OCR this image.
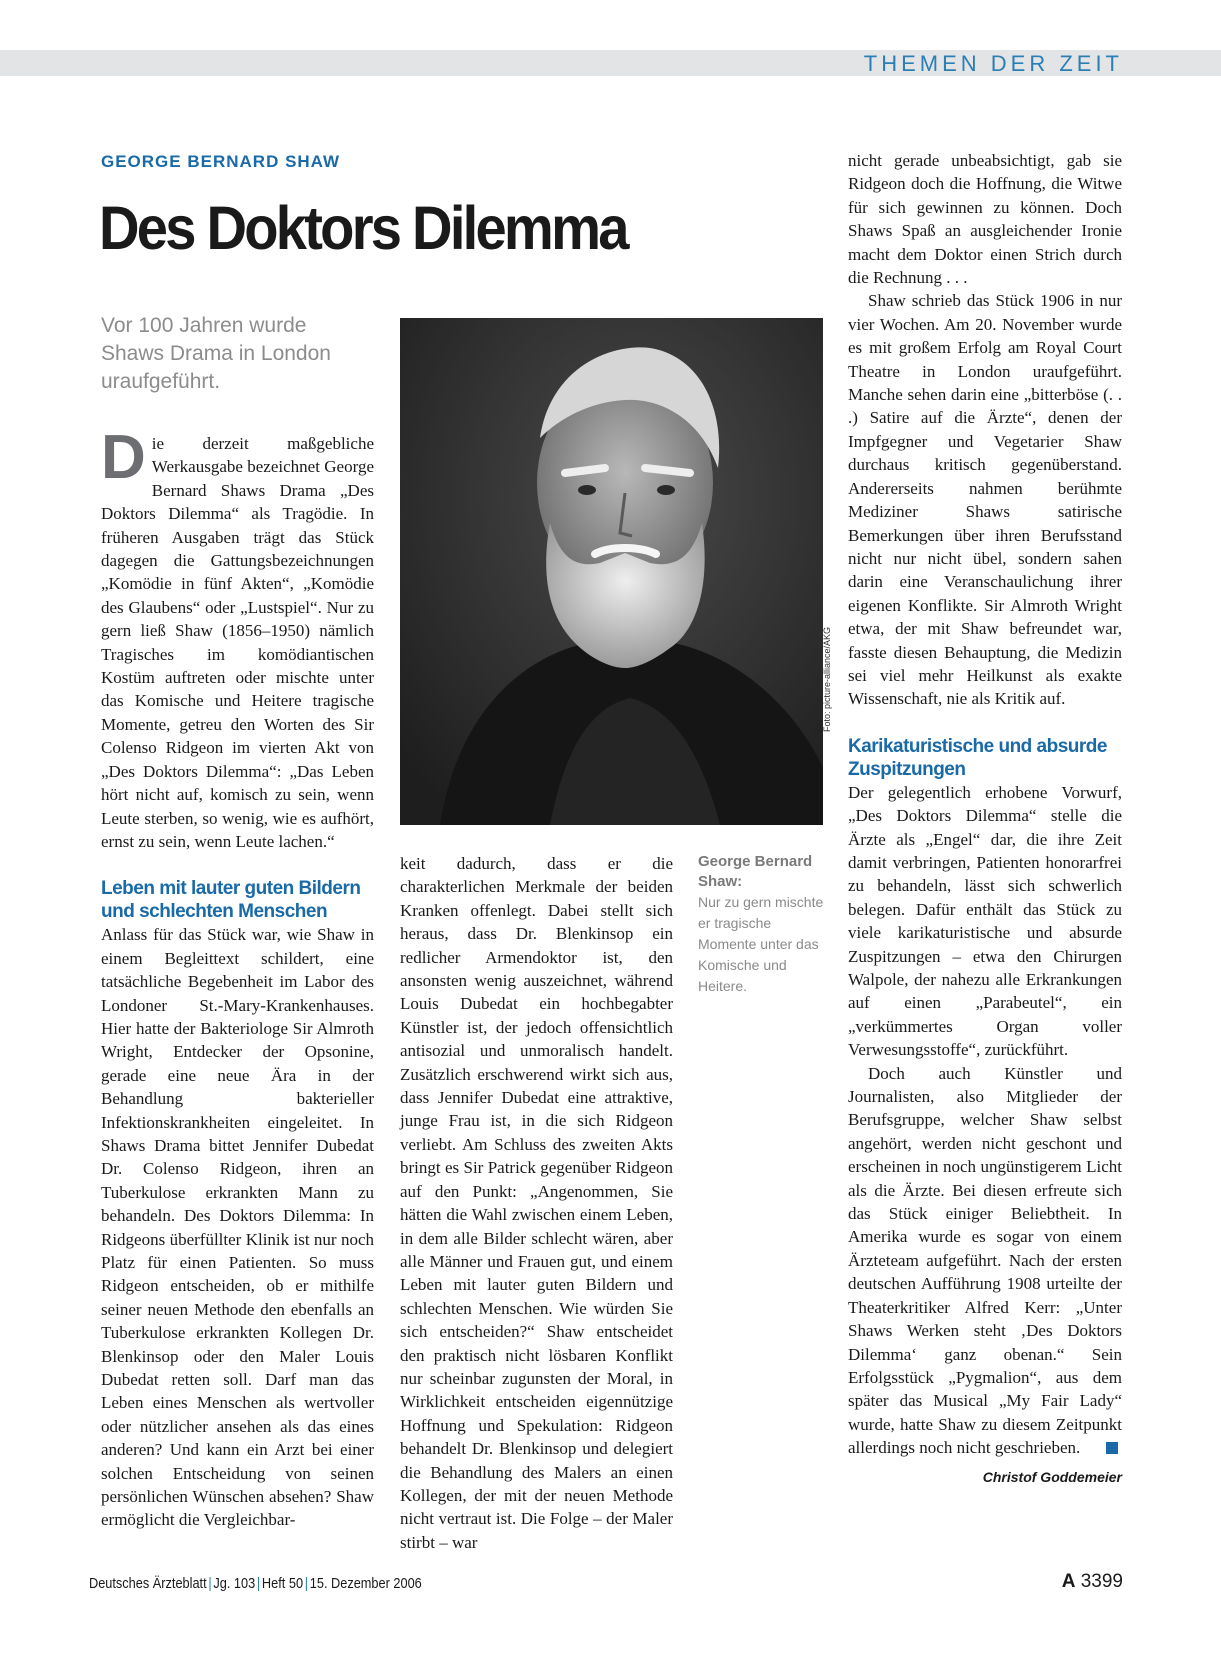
THEMEN DER ZEIT
GEORGE BERNARD SHAW
Des Doktors Dilemma
Vor 100 Jahren wurde Shaws Drama in London uraufgeführt.
D ie derzeit maßgebliche Werkausgabe bezeichnet George Bernard Shaws Drama „Des Doktors Dilemma“ als Tragödie. In früheren Ausgaben trägt das Stück dagegen die Gattungsbezeichnungen „Komödie in fünf Akten“, „Komödie des Glaubens“ oder „Lustspiel“. Nur zu gern ließ Shaw (1856–1950) nämlich Tragisches im komödiantischen Kostüm auftreten oder mischte unter das Komische und Heitere tragische Momente, getreu den Worten des Sir Colenso Ridgeon im vierten Akt von „Des Doktors Dilemma“: „Das Leben hört nicht auf, komisch zu sein, wenn Leute sterben, so wenig, wie es aufhört, ernst zu sein, wenn Leute lachen.“

Leben mit lauter guten Bildern und schlechten Menschen

Anlass für das Stück war, wie Shaw in einem Begleittext schildert, eine tatsächliche Begebenheit im Labor des Londoner St.-Mary-Krankenhauses. Hier hatte der Bakteriologe Sir Almroth Wright, Entdecker der Opsonine, gerade eine neue Ära in der Behandlung bakterieller Infektionskrankheiten eingeleitet. In Shaws Drama bittet Jennifer Dubedat Dr. Colenso Ridgeon, ihren an Tuberkulose erkrankten Mann zu behandeln. Des Doktors Dilemma: In Ridgeons überfüllter Klinik ist nur noch Platz für einen Patienten. So muss Ridgeon entscheiden, ob er mithilfe seiner neuen Methode den ebenfalls an Tuberkulose erkrankten Kollegen Dr. Blenkinsop oder den Maler Louis Dubedat retten soll. Darf man das Leben eines Menschen als wertvoller oder nützlicher ansehen als das eines anderen? Und kann ein Arzt bei einer solchen Entscheidung von seinen persönlichen Wünschen absehen? Shaw ermöglicht die Vergleichbar-

Foto: picture-alliance/AKG
George Bernard Shaw:
Nur zu gern mischte er tragische Momente unter das Komische und Heitere.

keit dadurch, dass er die charakterlichen Merkmale der beiden Kranken offenlegt. Dabei stellt sich heraus, dass Dr. Blenkinsop ein redlicher Armendoktor ist, den ansonsten wenig auszeichnet, während Louis Dubedat ein hochbegabter Künstler ist, der jedoch offensichtlich antisozial und unmoralisch handelt. Zusätzlich erschwerend wirkt sich aus, dass Jennifer Dubedat eine attraktive, junge Frau ist, in die sich Ridgeon verliebt. Am Schluss des zweiten Akts bringt es Sir Patrick gegenüber Ridgeon auf den Punkt: „Angenommen, Sie hätten die Wahl zwischen einem Leben, in dem alle Bilder schlecht wären, aber alle Männer und Frauen gut, und einem Leben mit lauter guten Bildern und schlechten Menschen. Wie würden Sie sich entscheiden?“ Shaw entscheidet den praktisch nicht lösbaren Konflikt nur scheinbar zugunsten der Moral, in Wirklichkeit entscheiden eigennützige Hoffnung und Spekulation: Ridgeon behandelt Dr. Blenkinsop und delegiert die Behandlung des Malers an einen Kollegen, der mit der neuen Methode nicht vertraut ist. Die Folge – der Maler stirbt – war

nicht gerade unbeabsichtigt, gab sie Ridgeon doch die Hoffnung, die Witwe für sich gewinnen zu können. Doch Shaws Spaß an ausgleichender Ironie macht dem Doktor einen Strich durch die Rechnung . . .

Shaw schrieb das Stück 1906 in nur vier Wochen. Am 20. November wurde es mit großem Erfolg am Royal Court Theatre in London uraufgeführt. Manche sehen darin eine „bitterböse (. . .) Satire auf die Ärzte“, denen der Impfgegner und Vegetarier Shaw durchaus kritisch gegenüberstand. Andererseits nahmen berühmte Mediziner Shaws satirische Bemerkungen über ihren Berufsstand nicht nur nicht übel, sondern sahen darin eine Veranschaulichung ihrer eigenen Konflikte. Sir Almroth Wright etwa, der mit Shaw befreundet war, fasste diesen Behauptung, die Medizin sei viel mehr Heilkunst als exakte Wissenschaft, nie als Kritik auf.

Karikaturistische und absurde Zuspitzungen

Der gelegentlich erhobene Vorwurf, „Des Doktors Dilemma“ stelle die Ärzte als „Engel“ dar, die ihre Zeit damit verbringen, Patienten honorarfrei zu behandeln, lässt sich schwerlich belegen. Dafür enthält das Stück zu viele karikaturistische und absurde Zuspitzungen – etwa den Chirurgen Walpole, der nahezu alle Erkrankungen auf einen „Parabeutel“, ein „verkümmertes Organ voller Verwesungsstoffe“, zurückführt.

Doch auch Künstler und Journalisten, also Mitglieder der Berufsgruppe, welcher Shaw selbst angehört, werden nicht geschont und erscheinen in noch ungünstigerem Licht als die Ärzte. Bei diesen erfreute sich das Stück einiger Beliebtheit. In Amerika wurde es sogar von einem Ärzteteam aufgeführt. Nach der ersten deutschen Aufführung 1908 urteilte der Theaterkritiker Alfred Kerr: „Unter Shaws Werken steht ‚Des Doktors Dilemma‘ ganz obenan.“ Sein Erfolgsstück „Pygmalion“, aus dem später das Musical „My Fair Lady“ wurde, hatte Shaw zu diesem Zeitpunkt allerdings noch nicht geschrieben.

Christof Goddemeier
Deutsches Ärzteblatt | Jg. 103 | Heft 50 | 15. Dezember 2006	A 3399
